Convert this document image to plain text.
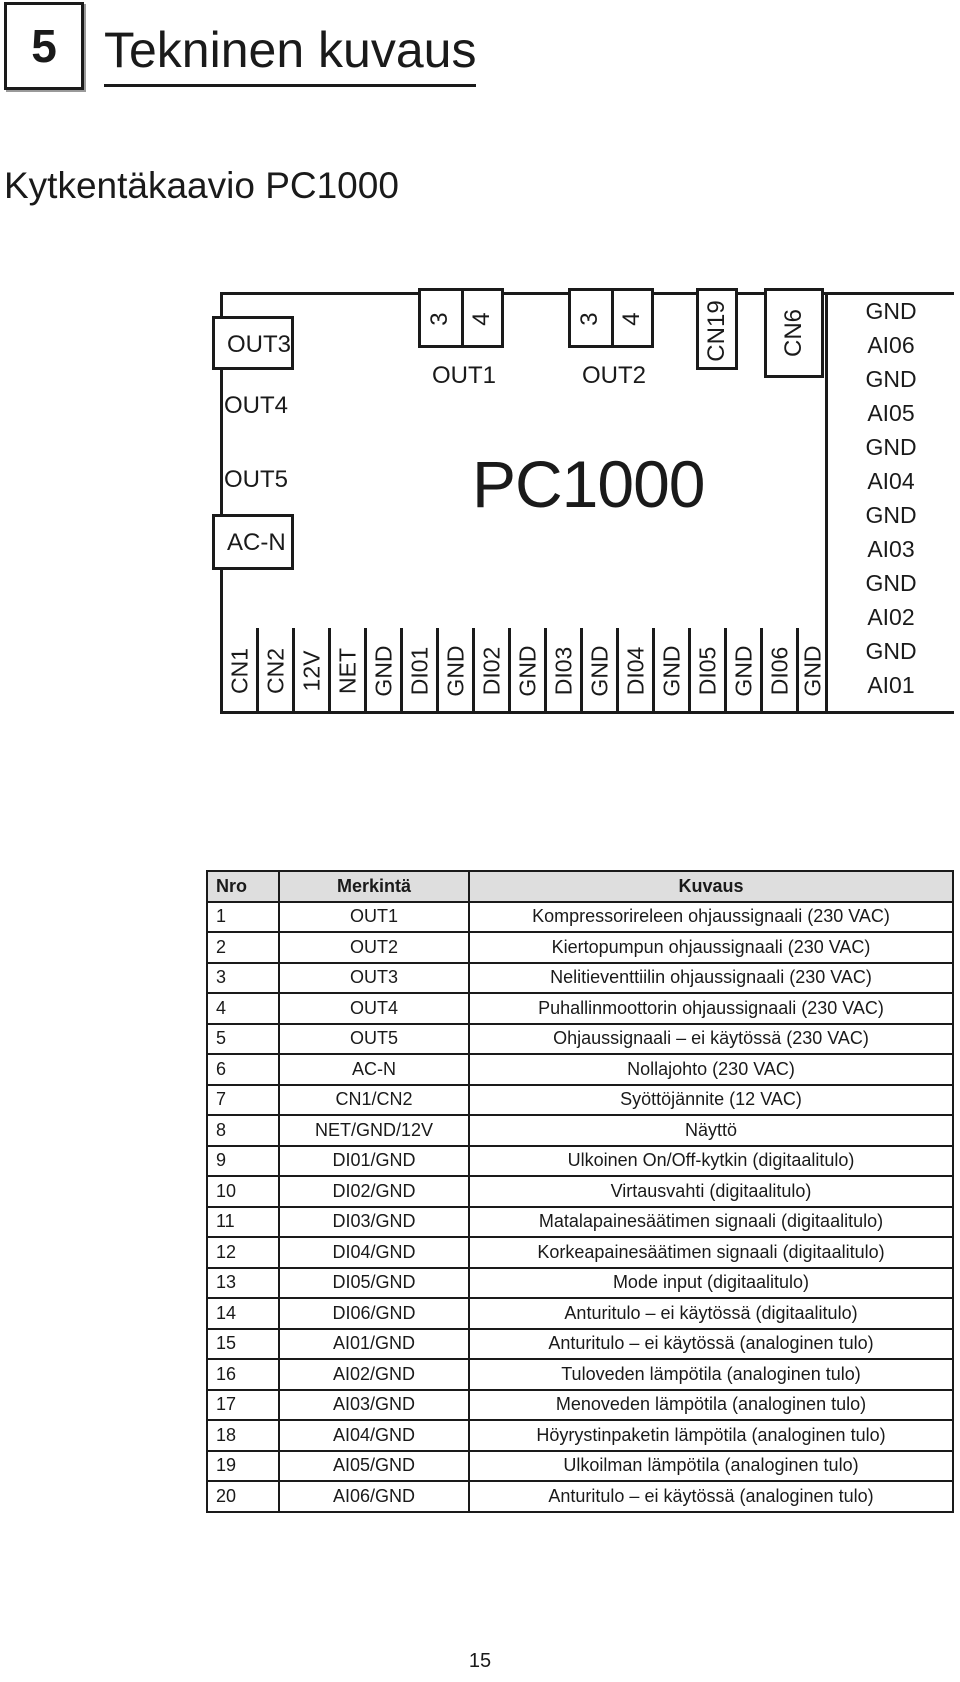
5 Tekninen kuvaus
Kytkentäkaavio PC1000
OUT3
OUT4
OUT5
AC-N
3 4
OUT1
3 4
OUT2
CN19 CN6
PC1000
CN1 CN2 12V NET GND DI01 GND DI02 GND DI03 GND DI04 GND DI05 GND DI06 GND
GND
AI06
GND
AI05
GND
AI04
GND
AI03
GND
AI02
GND
AI01
Nro	Merkintä	Kuvaus
1	OUT1	Kompressorireleen ohjaussignaali (230 VAC)
2	OUT2	Kiertopumpun ohjaussignaali (230 VAC)
3	OUT3	Nelitieventtiilin ohjaussignaali (230 VAC)
4	OUT4	Puhallinmoottorin ohjaussignaali (230 VAC)
5	OUT5	Ohjaussignaali – ei käytössä (230 VAC)
6	AC-N	Nollajohto (230 VAC)
7	CN1/CN2	Syöttöjännite (12 VAC)
8	NET/GND/12V	Näyttö
9	DI01/GND	Ulkoinen On/Off-kytkin (digitaalitulo)
10	DI02/GND	Virtausvahti (digitaalitulo)
11	DI03/GND	Matalapainesäätimen signaali (digitaalitulo)
12	DI04/GND	Korkeapainesäätimen signaali (digitaalitulo)
13	DI05/GND	Mode input (digitaalitulo)
14	DI06/GND	Anturitulo – ei käytössä (digitaalitulo)
15	AI01/GND	Anturitulo – ei käytössä (analoginen tulo)
16	AI02/GND	Tuloveden lämpötila (analoginen tulo)
17	AI03/GND	Menoveden lämpötila (analoginen tulo)
18	AI04/GND	Höyrystinpaketin lämpötila (analoginen tulo)
19	AI05/GND	Ulkoilman lämpötila (analoginen tulo)
20	AI06/GND	Anturitulo – ei käytössä (analoginen tulo)
15
